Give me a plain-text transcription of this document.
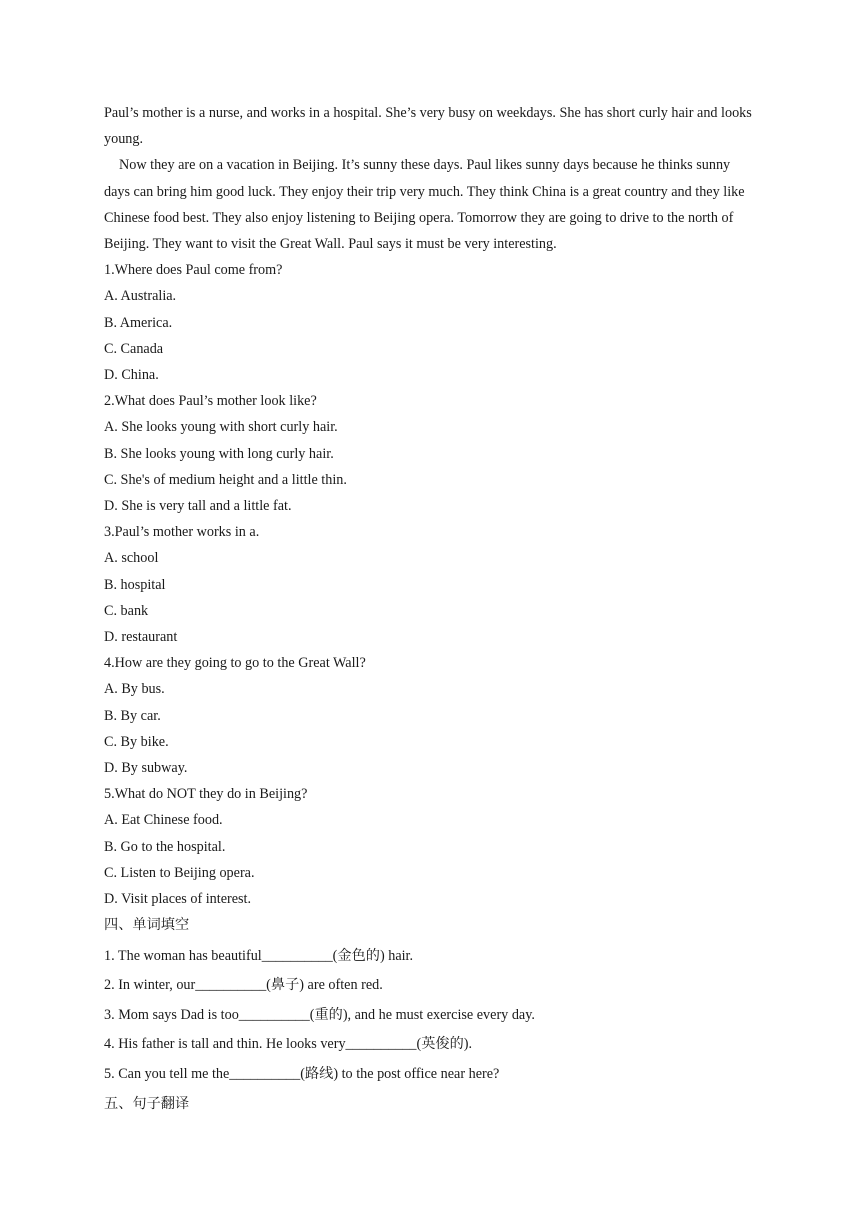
Paul’s mother is a nurse, and works in a hospital. She’s very busy on weekdays. She has short curly hair and looks young.

Now they are on a vacation in Beijing. It’s sunny these days. Paul likes sunny days because he thinks sunny days can bring him good luck. They enjoy their trip very much. They think China is a great country and they like Chinese food best. They also enjoy listening to Beijing opera. Tomorrow they are going to drive to the north of Beijing. They want to visit the Great Wall. Paul says it must be very interesting.

1.Where does Paul come from?

A. Australia.

B. America.

C. Canada

D. China.

2.What does Paul’s mother look like?

A. She looks young with short curly hair.

B. She looks young with long curly hair.

C. She's of medium height and a little thin.

D. She is very tall and a little fat.

3.Paul’s mother works in a.

A. school

B. hospital

C. bank

D. restaurant

4.How are they going to go to the Great Wall?

A. By bus.

B. By car.

C. By bike.

D. By subway.

5.What do NOT they do in Beijing?

A. Eat Chinese food.

B. Go to the hospital.

C. Listen to Beijing opera.

D. Visit places of interest.

四、单词填空

1. The woman has beautiful__________(金色的) hair.

2. In winter, our__________(鼻子) are often red.

3. Mom says Dad is too__________(重的), and he must exercise every day.

4. His father is tall and thin. He looks very__________(英俊的).

5. Can you tell me the__________(路线) to the post office near here?

五、句子翻译
